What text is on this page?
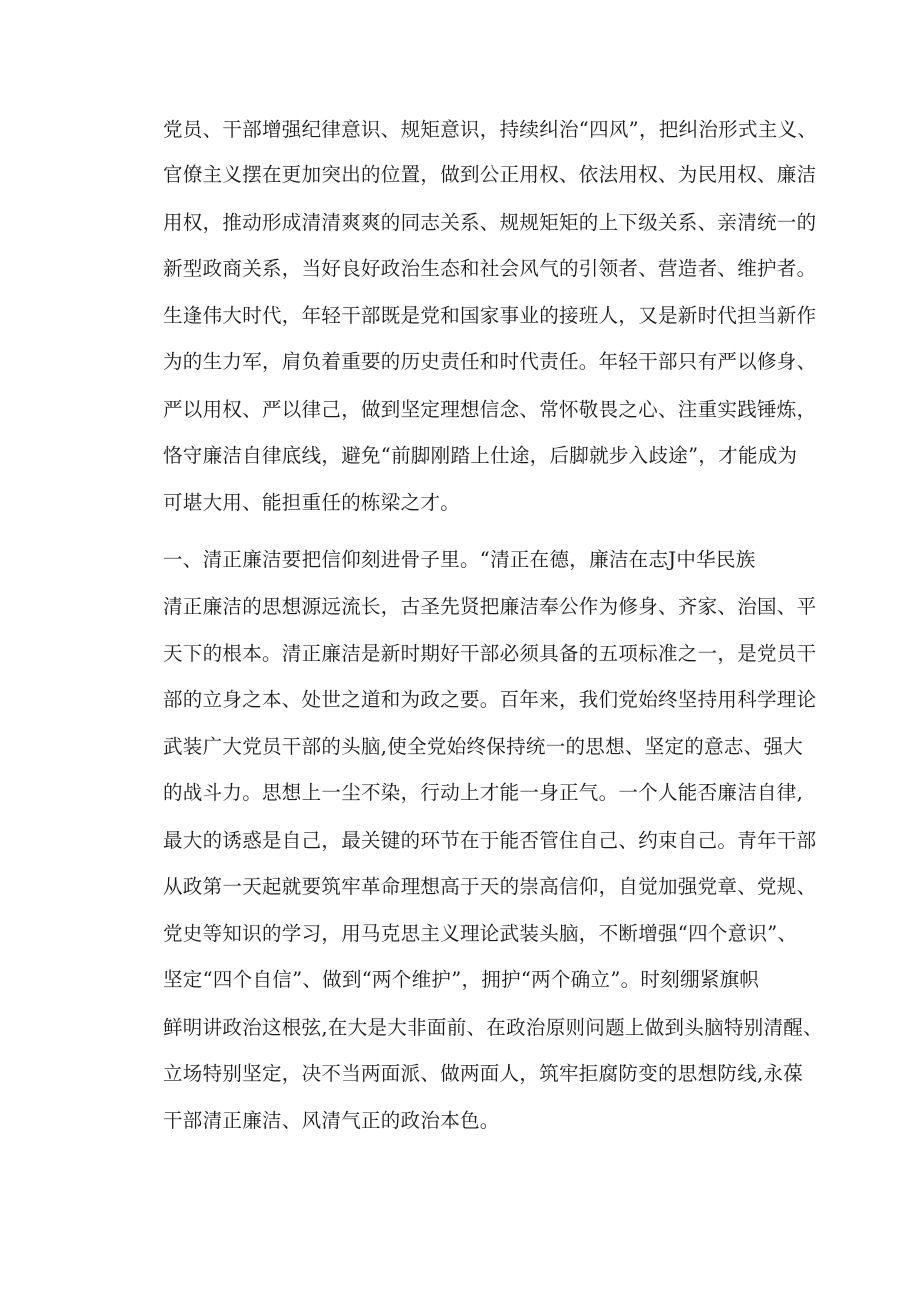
党员、干部增强纪律意识、规矩意识，持续纠治“四风”，把纠治形式主义、

官僚主义摆在更加突出的位置，做到公正用权、依法用权、为民用权、廉洁

用权，推动形成清清爽爽的同志关系、规规矩矩的上下级关系、亲清统一的

新型政商关系，当好良好政治生态和社会风气的引领者、营造者、维护者。

生逢伟大时代，年轻干部既是党和国家事业的接班人，又是新时代担当新作

为的生力军，肩负着重要的历史责任和时代责任。年轻干部只有严以修身、

严以用权、严以律己，做到坚定理想信念、常怀敬畏之心、注重实践锤炼，

恪守廉洁自律底线，避免“前脚刚踏上仕途，后脚就步入歧途”，才能成为

可堪大用、能担重任的栋梁之才。

一、清正廉洁要把信仰刻进骨子里。“清正在德，廉洁在志J中华民族

清正廉洁的思想源远流长，古圣先贤把廉洁奉公作为修身、齐家、治国、平

天下的根本。清正廉洁是新时期好干部必须具备的五项标准之一，是党员干

部的立身之本、处世之道和为政之要。百年来，我们党始终坚持用科学理论

武装广大党员干部的头脑,使全党始终保持统一的思想、坚定的意志、强大

的战斗力。思想上一尘不染，行动上才能一身正气。一个人能否廉洁自律,

最大的诱惑是自己，最关键的环节在于能否管住自己、约束自己。青年干部

从政第一天起就要筑牢革命理想高于天的崇高信仰，自觉加强党章、党规、

党史等知识的学习，用马克思主义理论武装头脑，不断增强“四个意识”、

坚定“四个自信”、做到“两个维护”，拥护“两个确立”。时刻绷紧旗帜

鲜明讲政治这根弦,在大是大非面前、在政治原则问题上做到头脑特别清醒、

立场特别坚定，决不当两面派、做两面人，筑牢拒腐防变的思想防线,永葆

干部清正廉洁、风清气正的政治本色。
